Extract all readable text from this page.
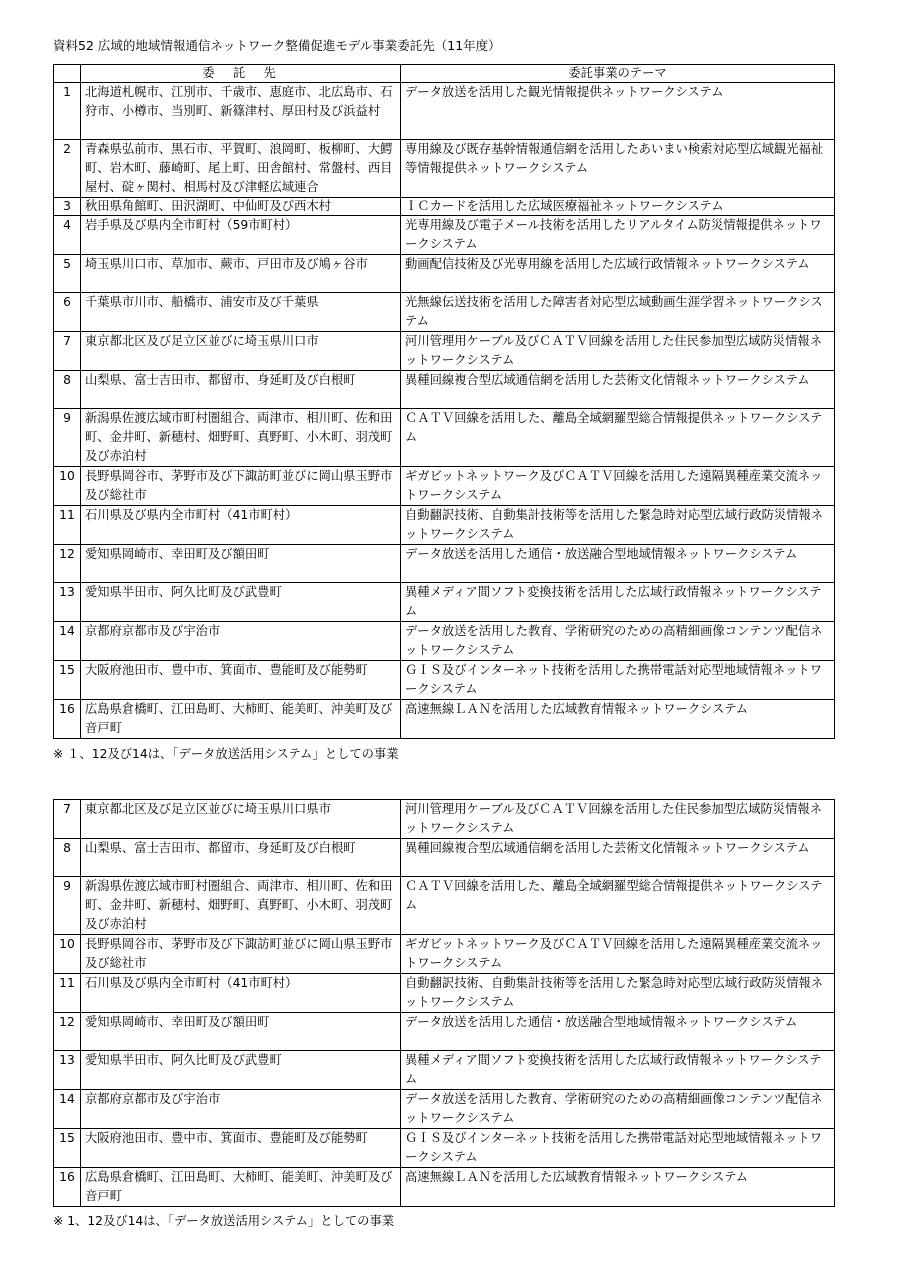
資料52 広域的地域情報通信ネットワーク整備促進モデル事業委託先（11年度）
	委　託　先	委託事業のテーマ
1	北海道札幌市、江別市、千歳市、恵庭市、北広島市、石狩市、小樽市、当別町、新篠津村、厚田村及び浜益村	データ放送を活用した観光情報提供ネットワークシステム
2	青森県弘前市、黒石市、平賀町、浪岡町、板柳町、大鰐町、岩木町、藤崎町、尾上町、田舎館村、常盤村、西目屋村、碇ヶ関村、相馬村及び津軽広域連合	専用線及び既存基幹情報通信網を活用したあいまい検索対応型広域観光福祉等情報提供ネットワークシステム
3	秋田県角館町、田沢湖町、中仙町及び西木村	ＩＣカードを活用した広域医療福祉ネットワークシステム
4	岩手県及び県内全市町村（59市町村）	光専用線及び電子メール技術を活用したリアルタイム防災情報提供ネットワークシステム
5	埼玉県川口市、草加市、蕨市、戸田市及び鳩ヶ谷市	動画配信技術及び光専用線を活用した広域行政情報ネットワークシステム
6	千葉県市川市、船橋市、浦安市及び千葉県	光無線伝送技術を活用した障害者対応型広域動画生涯学習ネットワークシステム
7	東京都北区及び足立区並びに埼玉県川口市	河川管理用ケーブル及びＣＡＴＶ回線を活用した住民参加型広域防災情報ネットワークシステム
8	山梨県、富士吉田市、都留市、身延町及び白根町	異種回線複合型広域通信網を活用した芸術文化情報ネットワークシステム
9	新潟県佐渡広域市町村圏組合、両津市、相川町、佐和田町、金井町、新穂村、畑野町、真野町、小木町、羽茂町及び赤泊村	ＣＡＴＶ回線を活用した、離島全域網羅型総合情報提供ネットワークシステム
10	長野県岡谷市、茅野市及び下諏訪町並びに岡山県玉野市及び総社市	ギガビットネットワーク及びＣＡＴＶ回線を活用した遠隔異種産業交流ネットワークシステム
11	石川県及び県内全市町村（41市町村）	自動翻訳技術、自動集計技術等を活用した緊急時対応型広域行政防災情報ネットワークシステム
12	愛知県岡崎市、幸田町及び額田町	データ放送を活用した通信・放送融合型地域情報ネットワークシステム
13	愛知県半田市、阿久比町及び武豊町	異種メディア間ソフト変換技術を活用した広域行政情報ネットワークシステム
14	京都府京都市及び宇治市	データ放送を活用した教育、学術研究のための高精細画像コンテンツ配信ネットワークシステム
15	大阪府池田市、豊中市、箕面市、豊能町及び能勢町	ＧＩＳ及びインターネット技術を活用した携帯電話対応型地域情報ネットワークシステム
16	広島県倉橋町、江田島町、大柿町、能美町、沖美町及び音戸町	高速無線ＬＡＮを活用した広域教育情報ネットワークシステム
※ １、12及び14は、「データ放送活用システム」としての事業
7	東京都北区及び足立区並びに埼玉県川口県市	河川管理用ケーブル及びＣＡＴＶ回線を活用した住民参加型広域防災情報ネットワークシステム
8	山梨県、富士吉田市、都留市、身延町及び白根町	異種回線複合型広域通信網を活用した芸術文化情報ネットワークシステム
9	新潟県佐渡広域市町村圏組合、両津市、相川町、佐和田町、金井町、新穂村、畑野町、真野町、小木町、羽茂町及び赤泊村	ＣＡＴＶ回線を活用した、離島全域網羅型総合情報提供ネットワークシステム
10	長野県岡谷市、茅野市及び下諏訪町並びに岡山県玉野市及び総社市	ギガビットネットワーク及びＣＡＴＶ回線を活用した遠隔異種産業交流ネットワークシステム
11	石川県及び県内全市町村（41市町村）	自動翻訳技術、自動集計技術等を活用した緊急時対応型広域行政防災情報ネットワークシステム
12	愛知県岡崎市、幸田町及び額田町	データ放送を活用した通信・放送融合型地域情報ネットワークシステム
13	愛知県半田市、阿久比町及び武豊町	異種メディア間ソフト変換技術を活用した広域行政情報ネットワークシステム
14	京都府京都市及び宇治市	データ放送を活用した教育、学術研究のための高精細画像コンテンツ配信ネットワークシステム
15	大阪府池田市、豊中市、箕面市、豊能町及び能勢町	ＧＩＳ及びインターネット技術を活用した携帯電話対応型地域情報ネットワークシステム
16	広島県倉橋町、江田島町、大柿町、能美町、沖美町及び音戸町	高速無線ＬＡＮを活用した広域教育情報ネットワークシステム
※ 1、12及び14は、「データ放送活用システム」としての事業
